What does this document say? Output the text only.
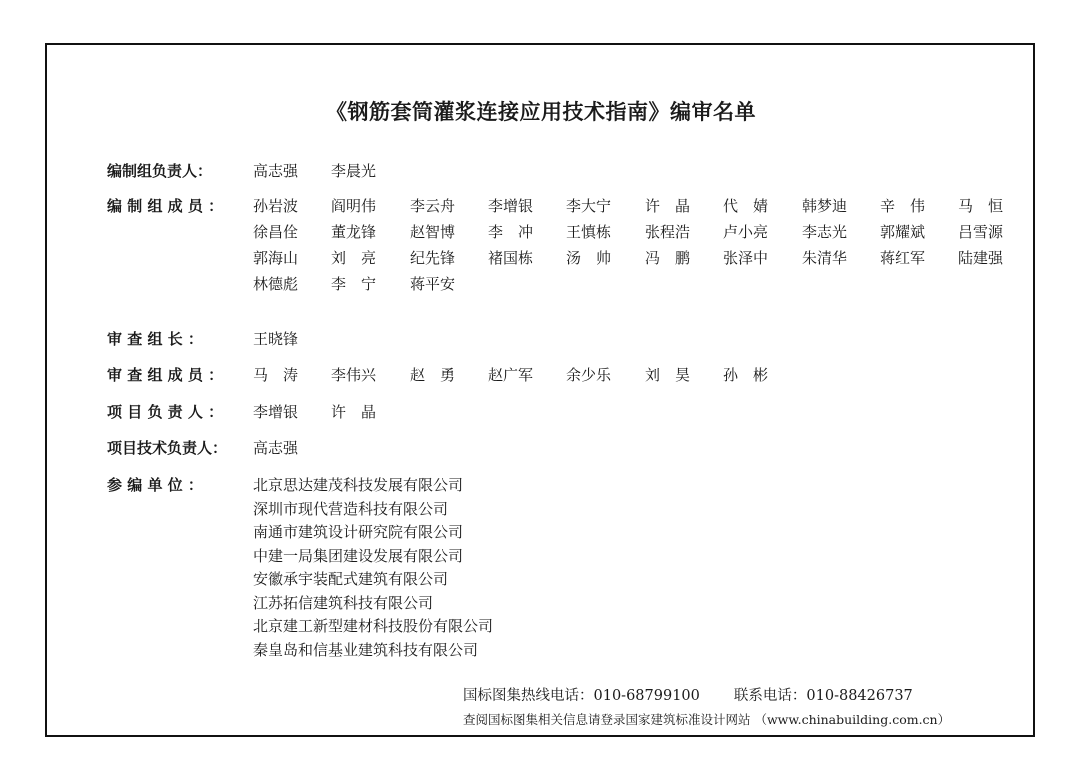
《钢筋套筒灌浆连接应用技术指南》编审名单
编制组负责人：	高志强 李晨光
编 制 组 成 员 ：	孙岩波 阎明伟 李云舟 李增银 李大宁 许　晶 代　婧 韩梦迪 辛　伟 马　恒
徐昌佺 董龙锋 赵智博 李　冲 王慎栋 张程浩 卢小亮 李志光 郭耀斌 吕雪源
郭海山 刘　亮 纪先锋 褚国栋 汤　帅 冯　鹏 张泽中 朱清华 蒋红军 陆建强
林德彪 李　宁 蒋平安
审 查 组 长 ：	王晓锋
审 查 组 成 员 ：	马　涛 李伟兴 赵　勇 赵广军 余少乐 刘　昊 孙　彬
项 目 负 责 人 ：	李增银 许　晶
项目技术负责人：	高志强
参 编 单 位 ：	北京思达建茂科技发展有限公司
深圳市现代营造科技有限公司
南通市建筑设计研究院有限公司
中建一局集团建设发展有限公司
安徽承宇装配式建筑有限公司
江苏拓信建筑科技有限公司
北京建工新型建材科技股份有限公司
秦皇岛和信基业建筑科技有限公司
国标图集热线电话：010-68799100 联系电话：010-88426737
查阅国标图集相关信息请登录国家建筑标准设计网站 （www.chinabuilding.com.cn）
